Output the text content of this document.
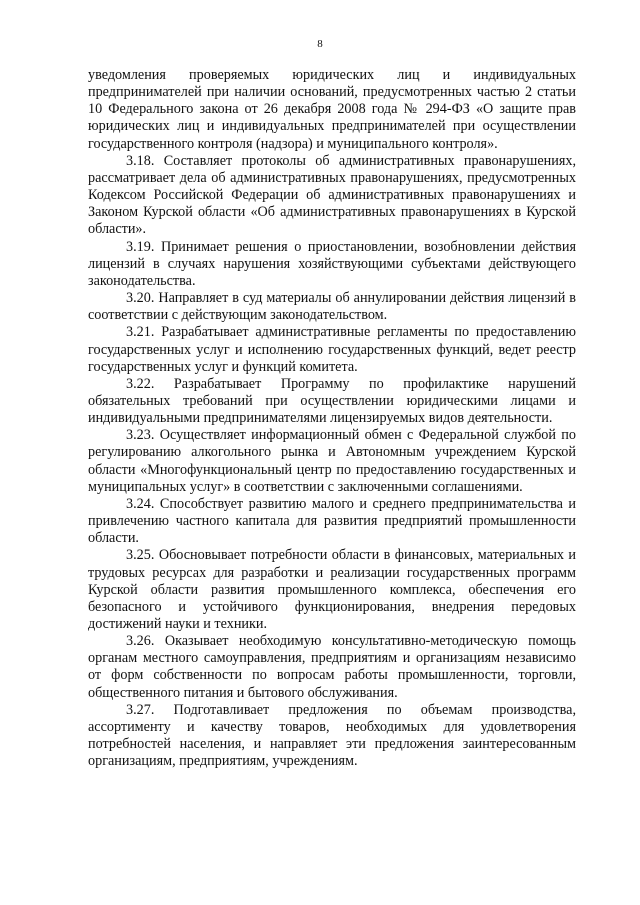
8

уведомления проверяемых юридических лиц и индивидуальных предпринимателей при наличии оснований, предусмотренных частью 2 статьи 10 Федерального закона от 26 декабря 2008 года № 294-ФЗ «О защите прав юридических лиц и индивидуальных предпринимателей при осуществлении государственного контроля (надзора) и муниципального контроля».

3.18. Составляет протоколы об административных правонарушениях, рассматривает дела об административных правонарушениях, предусмотренных Кодексом Российской Федерации об административных правонарушениях и Законом Курской области «Об административных правонарушениях в Курской области».

3.19. Принимает решения о приостановлении, возобновлении действия лицензий в случаях нарушения хозяйствующими субъектами действующего законодательства.

3.20. Направляет в суд материалы об аннулировании действия лицензий в соответствии с действующим законодательством.

3.21. Разрабатывает административные регламенты по предоставлению государственных услуг и исполнению государственных функций, ведет реестр государственных услуг и функций комитета.

3.22. Разрабатывает Программу по профилактике нарушений обязательных требований при осуществлении юридическими лицами и индивидуальными предпринимателями лицензируемых видов деятельности.

3.23. Осуществляет информационный обмен с Федеральной службой по регулированию алкогольного рынка и Автономным учреждением Курской области «Многофункциональный центр по предоставлению государственных и муниципальных услуг» в соответствии с заключенными соглашениями.

3.24. Способствует развитию малого и среднего предпринимательства и привлечению частного капитала для развития предприятий промышленности области.

3.25. Обосновывает потребности области в финансовых, материальных и трудовых ресурсах для разработки и реализации государственных программ Курской области развития промышленного комплекса, обеспечения его безопасного и устойчивого функционирования, внедрения передовых достижений науки и техники.

3.26. Оказывает необходимую консультативно-методическую помощь органам местного самоуправления, предприятиям и организациям независимо от форм собственности по вопросам работы промышленности, торговли, общественного питания и бытового обслуживания.

3.27. Подготавливает предложения по объемам производства, ассортименту и качеству товаров, необходимых для удовлетворения потребностей населения, и направляет эти предложения заинтересованным организациям, предприятиям, учреждениям.
